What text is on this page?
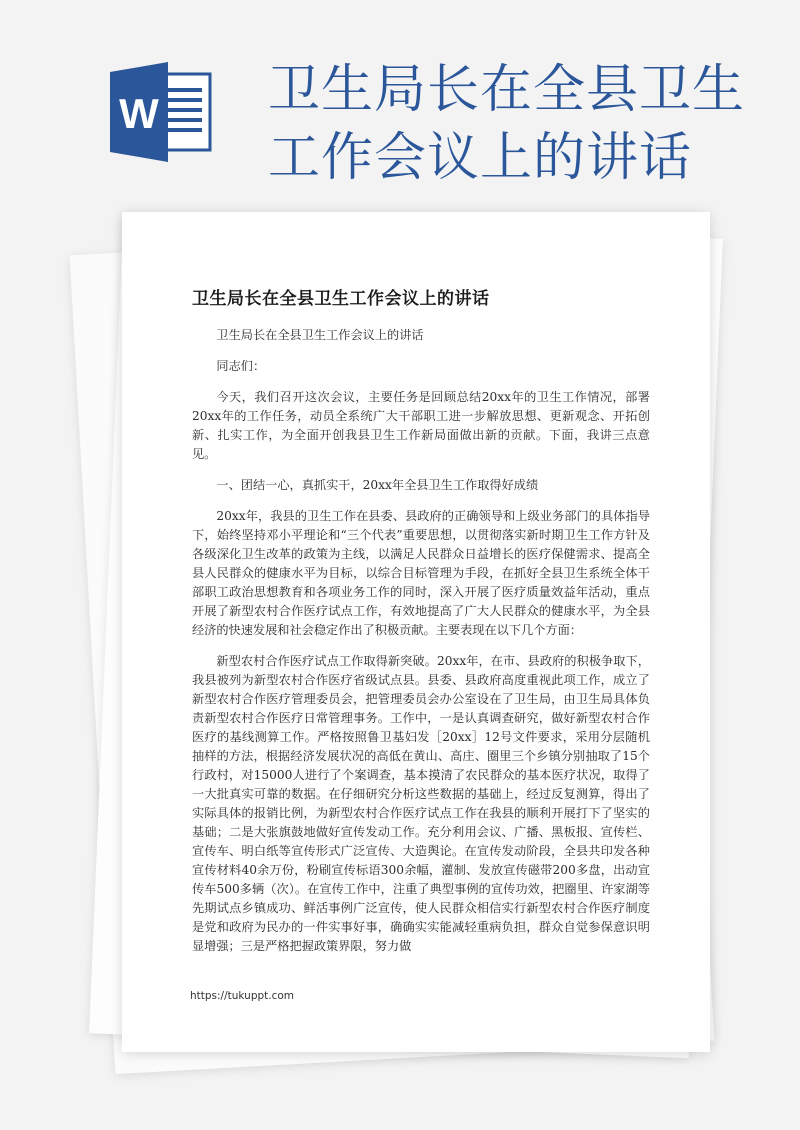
W 卫生局长在全县卫生工作会议上的讲话
卫生局长在全县卫生工作会议上的讲话

卫生局长在全县卫生工作会议上的讲话

同志们：

今天，我们召开这次会议，主要任务是回顾总结20xx年的卫生工作情况，部署20xx年的工作任务，动员全系统广大干部职工进一步解放思想、更新观念、开拓创新、扎实工作，为全面开创我县卫生工作新局面做出新的贡献。下面，我讲三点意见。

一、团结一心，真抓实干，20xx年全县卫生工作取得好成绩

20xx年，我县的卫生工作在县委、县政府的正确领导和上级业务部门的具体指导下，始终坚持邓小平理论和“三个代表”重要思想，以贯彻落实新时期卫生工作方针及各级深化卫生改革的政策为主线，以满足人民群众日益增长的医疗保健需求、提高全县人民群众的健康水平为目标，以综合目标管理为手段，在抓好全县卫生系统全体干部职工政治思想教育和各项业务工作的同时，深入开展了医疗质量效益年活动，重点开展了新型农村合作医疗试点工作，有效地提高了广大人民群众的健康水平，为全县经济的快速发展和社会稳定作出了积极贡献。主要表现在以下几个方面：

新型农村合作医疗试点工作取得新突破。20xx年，在市、县政府的积极争取下，我县被列为新型农村合作医疗省级试点县。县委、县政府高度重视此项工作，成立了新型农村合作医疗管理委员会，把管理委员会办公室设在了卫生局，由卫生局具体负责新型农村合作医疗日常管理事务。工作中，一是认真调查研究，做好新型农村合作医疗的基线测算工作。严格按照鲁卫基妇发［20xx］12号文件要求，采用分层随机抽样的方法，根据经济发展状况的高低在黄山、高庄、圈里三个乡镇分别抽取了15个行政村，对15000人进行了个案调查，基本摸清了农民群众的基本医疗状况，取得了一大批真实可靠的数据。在仔细研究分析这些数据的基础上，经过反复测算，得出了实际具体的报销比例，为新型农村合作医疗试点工作在我县的顺利开展打下了坚实的基础；二是大张旗鼓地做好宣传发动工作。充分利用会议、广播、黑板报、宣传栏、宣传车、明白纸等宣传形式广泛宣传、大造舆论。在宣传发动阶段，全县共印发各种宣传材料40余万份，粉刷宣传标语300余幅，灌制、发放宣传磁带200多盘，出动宣传车500多辆（次）。在宣传工作中，注重了典型事例的宣传功效，把圈里、许家湖等先期试点乡镇成功、鲜活事例广泛宣传，使人民群众相信实行新型农村合作医疗制度是党和政府为民办的一件实事好事，确确实实能减轻重病负担，群众自觉参保意识明显增强；三是严格把握政策界限，努力做

https://tukuppt.com
